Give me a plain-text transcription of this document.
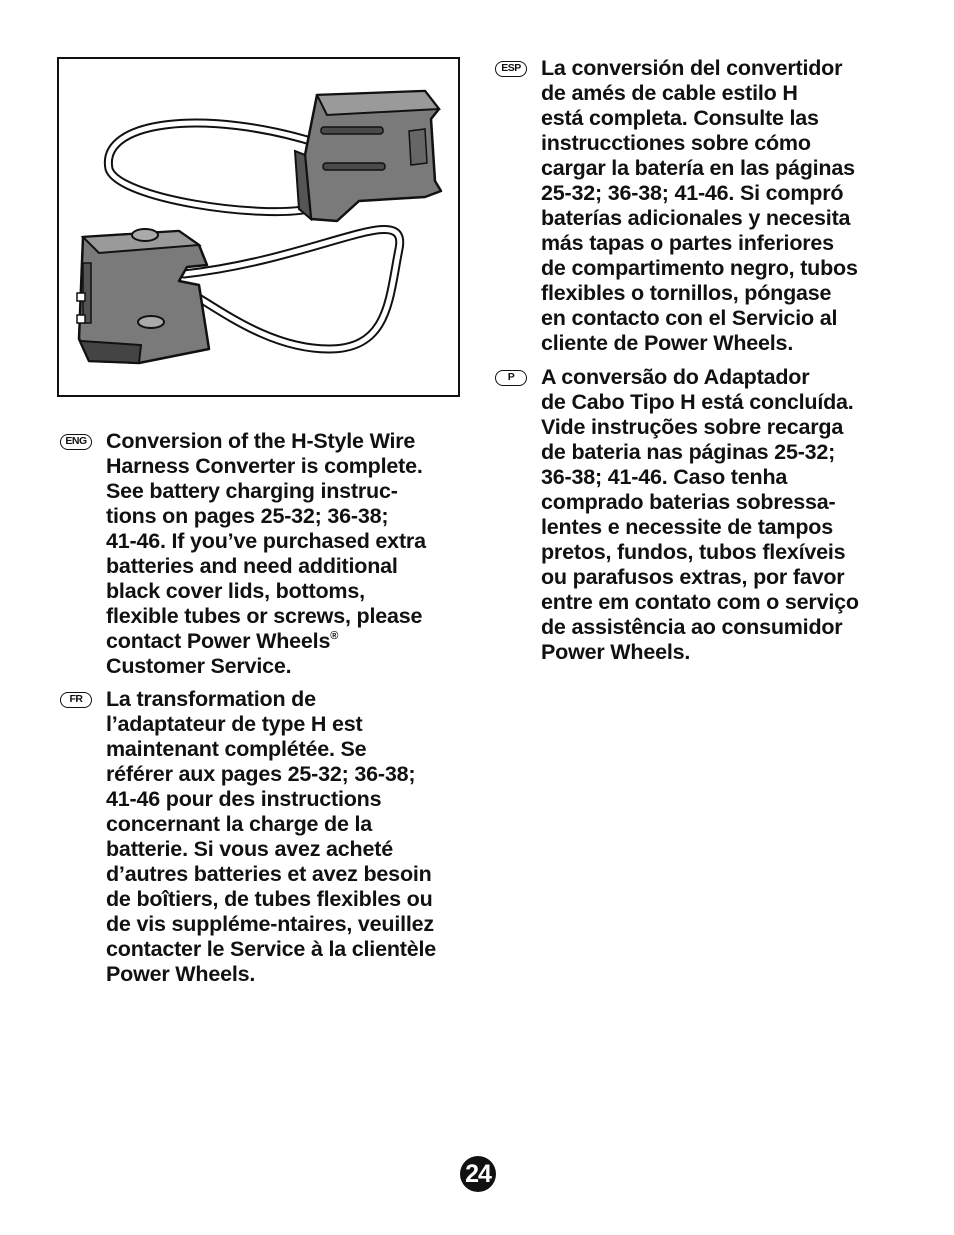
ENG Conversion of the H-Style Wire
Harness Converter is complete.
See battery charging instruc-
tions on pages 25-32; 36-38;
41-46. If you’ve purchased extra
batteries and need additional
black cover lids, bottoms,
flexible tubes or screws, please
contact Power Wheels®
Customer Service.
FR	La transformation de
l’adaptateur de type H est
maintenant complétée. Se
référer aux pages 25-32; 36-38;
41-46 pour des instructions
concernant la charge de la
batterie. Si vous avez acheté
d’autres batteries et avez besoin
de boîtiers, de tubes flexibles ou
de vis suppléme-ntaires, veuillez
contacter le Service à la clientèle
Power Wheels.
ESP La conversión del convertidor
de amés de cable estilo H
está completa. Consulte las
instrucctiones sobre cómo
cargar la batería en las páginas
25-32; 36-38; 41-46. Si compró
baterías adicionales y necesita
más tapas o partes inferiores
de compartimento negro, tubos
flexibles o tornillos, póngase
en contacto con el Servicio al
cliente de Power Wheels.
P	A conversão do Adaptador
de Cabo Tipo H está concluída.
Vide instruções sobre recarga
de bateria nas páginas 25-32;
36-38; 41-46. Caso tenha
comprado baterias sobressa-
lentes e necessite de tampos
pretos, fundos, tubos flexíveis
ou parafusos extras, por favor
entre em contato com o serviço
de assistência ao consumidor
Power Wheels.
24
